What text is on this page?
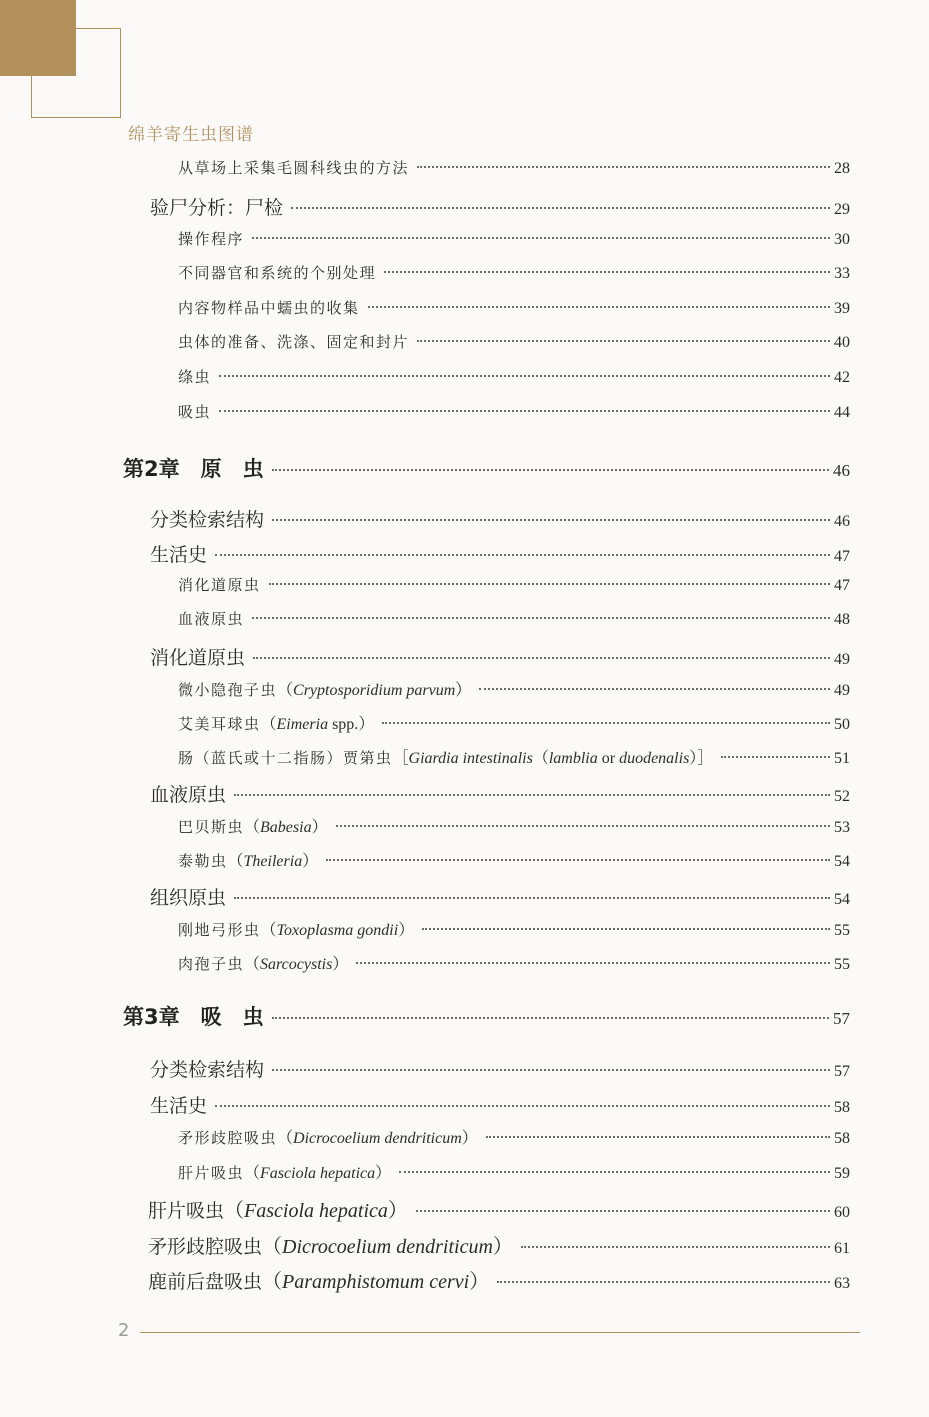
绵羊寄生虫图谱
从草场上采集毛圆科线虫的方法	28
验尸分析：尸检	29
操作程序	30
不同器官和系统的个别处理	33
内容物样品中蠕虫的收集	39
虫体的准备、洗涤、固定和封片	40
绦虫	42
吸虫	44
第2章　原　虫	46
分类检索结构	46
生活史	47
消化道原虫	47
血液原虫	48
消化道原虫	49
微小隐孢子虫（Cryptosporidium parvum）	49
艾美耳球虫（Eimeria spp.）	50
肠（蓝氏或十二指肠）贾第虫［Giardia intestinalis（lamblia or duodenalis）］	51
血液原虫	52
巴贝斯虫（Babesia）	53
泰勒虫（Theileria）	54
组织原虫	54
刚地弓形虫（Toxoplasma gondii）	55
肉孢子虫（Sarcocystis）	55
第3章　吸　虫	57
分类检索结构	57
生活史	58
矛形歧腔吸虫（Dicrocoelium dendriticum）	58
肝片吸虫（Fasciola hepatica）	59
肝片吸虫（Fasciola hepatica）	60
矛形歧腔吸虫（Dicrocoelium dendriticum）	61
鹿前后盘吸虫（Paramphistomum cervi）	63
2
